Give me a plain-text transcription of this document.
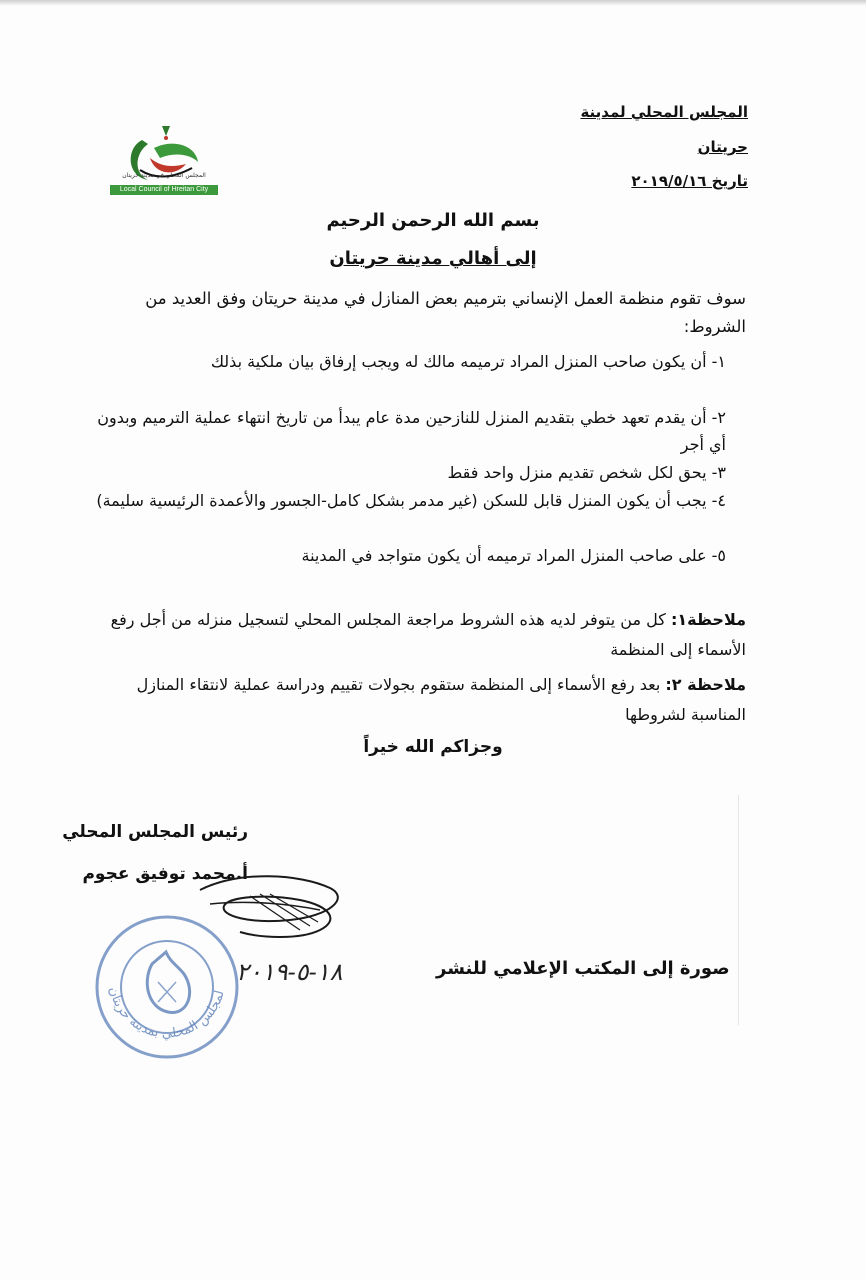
المجلس المحلي لمدينة
حريتان
تاريخ ٢٠١٩/٥/١٦
المجلس المحلي في مدينة حريتان
Local Council of Hreitan City
بسم الله الرحمن الرحيم
إلى أهالي مدينة حريتان
سوف تقوم منظمة العمل الإنساني بترميم بعض المنازل في مدينة حريتان وفق العديد من الشروط:
١- أن يكون صاحب المنزل المراد ترميمه مالك له ويجب إرفاق بيان ملكية بذلك
٢- أن يقدم تعهد خطي بتقديم المنزل للنازحين مدة عام يبدأ من تاريخ انتهاء عملية الترميم وبدون أي أجر
٣- يحق لكل شخص تقديم منزل واحد فقط
٤- يجب أن يكون المنزل قابل للسكن (غير مدمر بشكل كامل-الجسور والأعمدة الرئيسية سليمة)
٥- على صاحب المنزل المراد ترميمه أن يكون متواجد في المدينة
ملاحظة١: كل من يتوفر لديه هذه الشروط مراجعة المجلس المحلي لتسجيل منزله من أجل رفع الأسماء إلى المنظمة
ملاحظة ٢: بعد رفع الأسماء إلى المنظمة ستقوم بجولات تقييم ودراسة عملية لانتقاء المنازل المناسبة لشروطها
وجزاكم الله خيراً
رئيس المجلس المحلي
أ.محمد توفيق عجوم
لمجلس المحلي بمدينة حريتان
صورة إلى المكتب الإعلامي للنشر
١٨-٥-٢٠١٩
